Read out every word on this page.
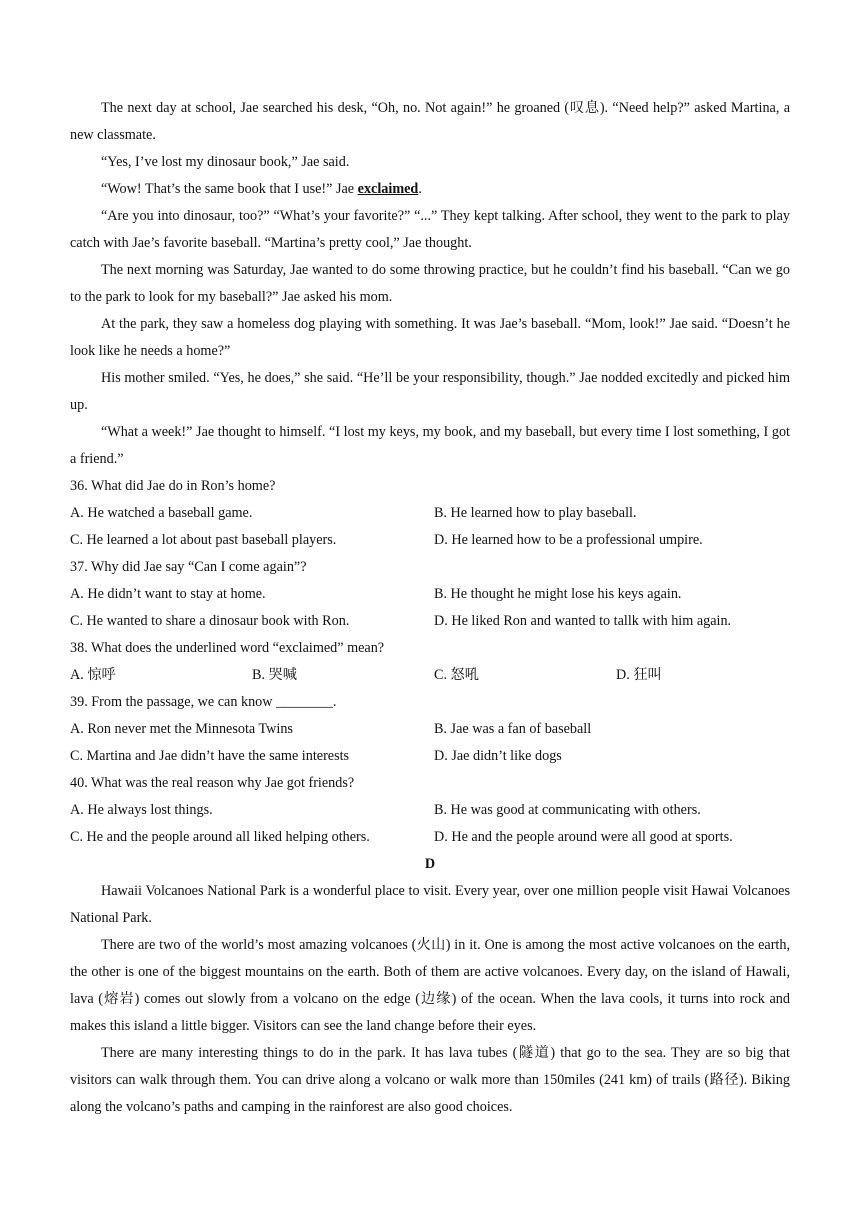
The next day at school, Jae searched his desk, “Oh, no. Not again!” he groaned (叹息). “Need help?” asked Martina, a new classmate.

“Yes, I’ve lost my dinosaur book,” Jae said.

“Wow! That’s the same book that I use!” Jae exclaimed.

“Are you into dinosaur, too?” “What’s your favorite?” “...” They kept talking. After school, they went to the park to play catch with Jae’s favorite baseball. “Martina’s pretty cool,” Jae thought.

The next morning was Saturday, Jae wanted to do some throwing practice, but he couldn’t find his baseball. “Can we go to the park to look for my baseball?” Jae asked his mom.

At the park, they saw a homeless dog playing with something. It was Jae’s baseball. “Mom, look!” Jae said. “Doesn’t he look like he needs a home?”

His mother smiled. “Yes, he does,” she said. “He’ll be your responsibility, though.” Jae nodded excitedly and picked him up.

“What a week!” Jae thought to himself. “I lost my keys, my book, and my baseball, but every time I lost something, I got a friend.”

36. What did Jae do in Ron’s home?
A. He watched a baseball game.	B. He learned how to play baseball.
C. He learned a lot about past baseball players.	D. He learned how to be a professional umpire.
37. Why did Jae say “Can I come again”?
A. He didn’t want to stay at home.	B. He thought he might lose his keys again.
C. He wanted to share a dinosaur book with Ron.	D. He liked Ron and wanted to tallk with him again.
38. What does the underlined word “exclaimed” mean?
A. 惊呼	B. 哭喊	C. 怒吼	D. 狂叫
39. From the passage, we can know ________.
A. Ron never met the Minnesota Twins	B. Jae was a fan of baseball
C. Martina and Jae didn’t have the same interests	D. Jae didn’t like dogs
40. What was the real reason why Jae got friends?
A. He always lost things.	B. He was good at communicating with others.
C. He and the people around all liked helping others.	D. He and the people around were all good at sports.
D

Hawaii Volcanoes National Park is a wonderful place to visit. Every year, over one million people visit Hawai Volcanoes National Park.

There are two of the world’s most amazing volcanoes (火山) in it. One is among the most active volcanoes on the earth, the other is one of the biggest mountains on the earth. Both of them are active volcanoes. Every day, on the island of Hawali, lava (熔岩) comes out slowly from a volcano on the edge (边缘) of the ocean. When the lava cools, it turns into rock and makes this island a little bigger. Visitors can see the land change before their eyes.

There are many interesting things to do in the park. It has lava tubes (隧道) that go to the sea. They are so big that visitors can walk through them. You can drive along a volcano or walk more than 150miles (241 km) of trails (路径). Biking along the volcano’s paths and camping in the rainforest are also good choices.
